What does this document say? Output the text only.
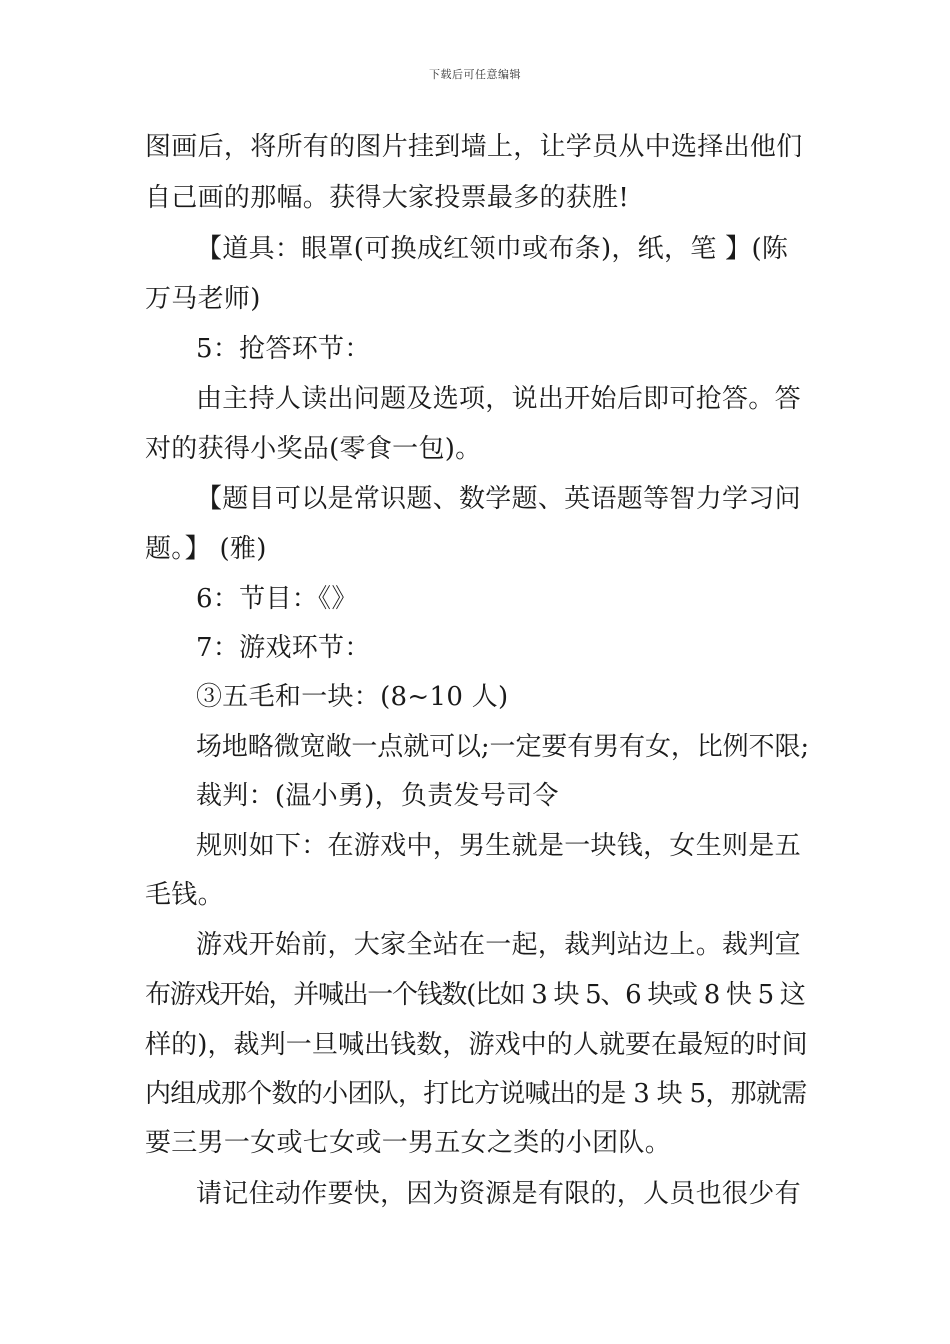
下载后可任意编辑
图画后，将所有的图片挂到墙上，让学员从中选择出他们
自己画的那幅。获得大家投票最多的获胜!
【道具：眼罩(可换成红领巾或布条)，纸，笔 】(陈
万马老师)
5：抢答环节：
由主持人读出问题及选项，说出开始后即可抢答。答
对的获得小奖品(零食一包)。
【题目可以是常识题、数学题、英语题等智力学习问
题。】 (雅)
6：节目：《》
7：游戏环节：
③五毛和一块：(8~10 人)
场地略微宽敞一点就可以;一定要有男有女，比例不限;
裁判：(温小勇)，负责发号司令
规则如下：在游戏中，男生就是一块钱，女生则是五
毛钱。
游戏开始前，大家全站在一起，裁判站边上。裁判宣
布游戏开始，并喊出一个钱数(比如 3 块 5、6 块或 8 快 5 这
样的)，裁判一旦喊出钱数，游戏中的人就要在最短的时间
内组成那个数的小团队，打比方说喊出的是 3 块 5，那就需
要三男一女或七女或一男五女之类的小团队。
请记住动作要快，因为资源是有限的，人员也很少有
